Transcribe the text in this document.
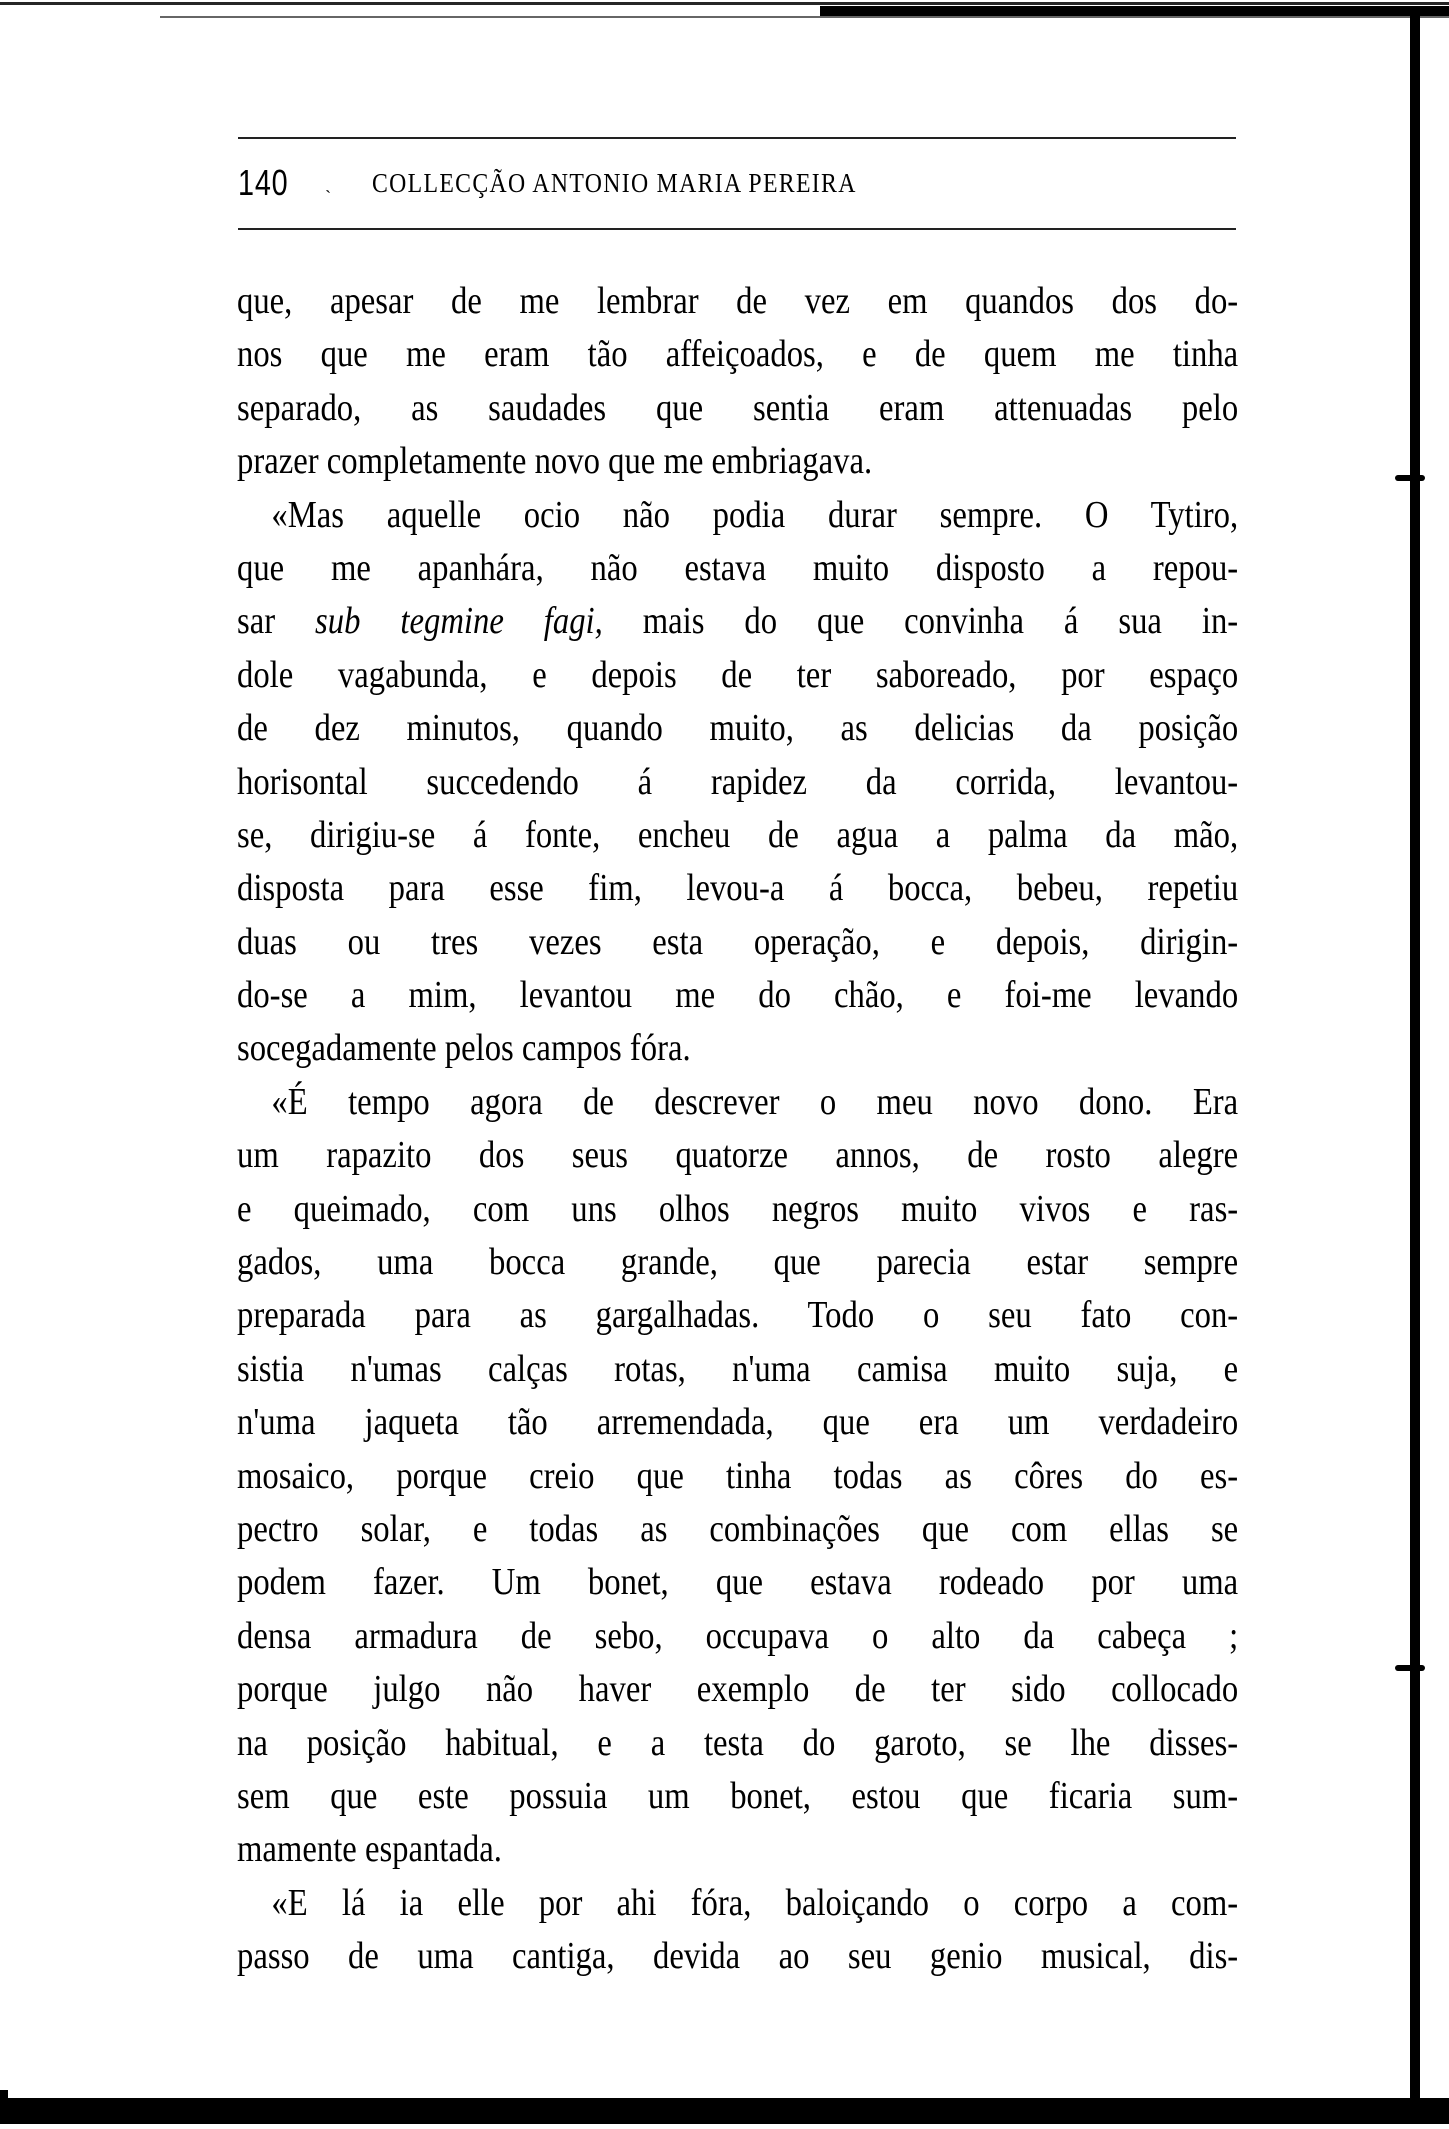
140 ˎ COLLECÇÃO ANTONIO MARIA PEREIRA
que, apesar de me lembrar de vez em quandos dos do-
nos que me eram tão affeiçoados, e de quem me tinha
separado, as saudades que sentia eram attenuadas pelo
prazer completamente novo que me embriagava.
«Mas aquelle ocio não podia durar sempre. O Tytiro,
que me apanhára, não estava muito disposto a repou-
sar sub tegmine fagi, mais do que convinha á sua in-
dole vagabunda, e depois de ter saboreado, por espaço
de dez minutos, quando muito, as delicias da posição
horisontal succedendo á rapidez da corrida, levantou-
se, dirigiu-se á fonte, encheu de agua a palma da mão,
disposta para esse fim, levou-a á bocca, bebeu, repetiu
duas ou tres vezes esta operação, e depois, dirigin-
do-se a mim, levantou me do chão, e foi-me levando
socegadamente pelos campos fóra.
«É tempo agora de descrever o meu novo dono. Era
um rapazito dos seus quatorze annos, de rosto alegre
e queimado, com uns olhos negros muito vivos e ras-
gados, uma bocca grande, que parecia estar sempre
preparada para as gargalhadas. Todo o seu fato con-
sistia n'umas calças rotas, n'uma camisa muito suja, e
n'uma jaqueta tão arremendada, que era um verdadeiro
mosaico, porque creio que tinha todas as côres do es-
pectro solar, e todas as combinações que com ellas se
podem fazer. Um bonet, que estava rodeado por uma
densa armadura de sebo, occupava o alto da cabeça ;
porque julgo não haver exemplo de ter sido collocado
na posição habitual, e a testa do garoto, se lhe disses-
sem que este possuia um bonet, estou que ficaria sum-
mamente espantada.
«E lá ia elle por ahi fóra, baloiçando o corpo a com-
passo de uma cantiga, devida ao seu genio musical, dis-
